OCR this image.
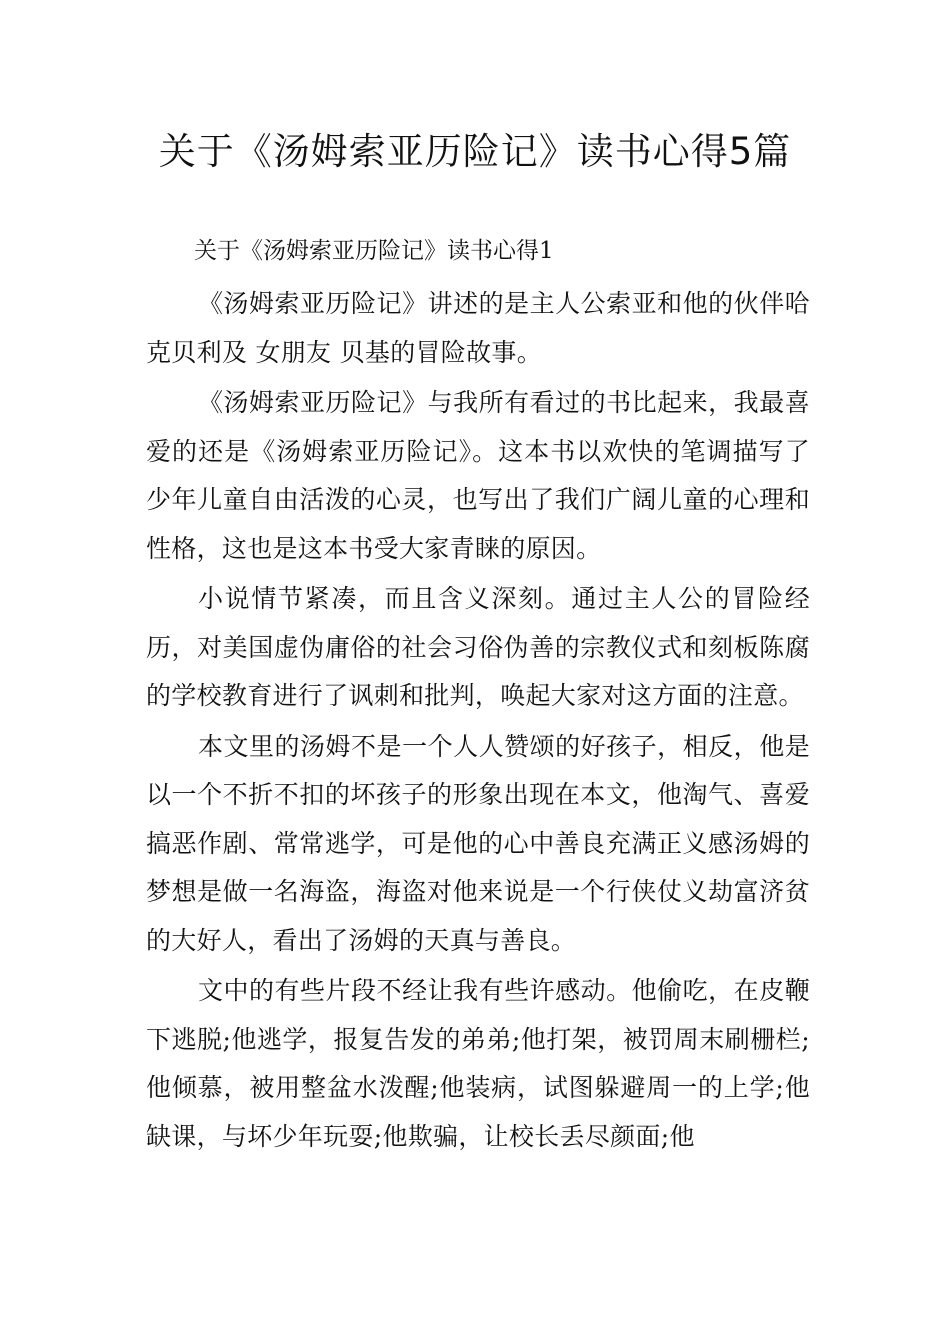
关于《汤姆索亚历险记》读书心得5篇

关于《汤姆索亚历险记》读书心得1

《汤姆索亚历险记》讲述的是主人公索亚和他的伙伴哈克贝利及 女朋友 贝基的冒险故事。

《汤姆索亚历险记》与我所有看过的书比起来，我最喜爱的还是《汤姆索亚历险记》。这本书以欢快的笔调描写了少年儿童自由活泼的心灵，也写出了我们广阔儿童的心理和性格，这也是这本书受大家青睐的原因。

小说情节紧凑，而且含义深刻。通过主人公的冒险经历，对美国虚伪庸俗的社会习俗伪善的宗教仪式和刻板陈腐的学校教育进行了讽刺和批判，唤起大家对这方面的注意。

本文里的汤姆不是一个人人赞颂的好孩子，相反，他是以一个不折不扣的坏孩子的形象出现在本文，他淘气、喜爱搞恶作剧、常常逃学，可是他的心中善良充满正义感汤姆的梦想是做一名海盗，海盗对他来说是一个行侠仗义劫富济贫的大好人，看出了汤姆的天真与善良。

文中的有些片段不经让我有些许感动。他偷吃，在皮鞭下逃脱;他逃学，报复告发的弟弟;他打架，被罚周末刷栅栏;他倾慕，被用整盆水泼醒;他装病，试图躲避周一的上学;他缺课，与坏少年玩耍;他欺骗，让校长丢尽颜面;他
